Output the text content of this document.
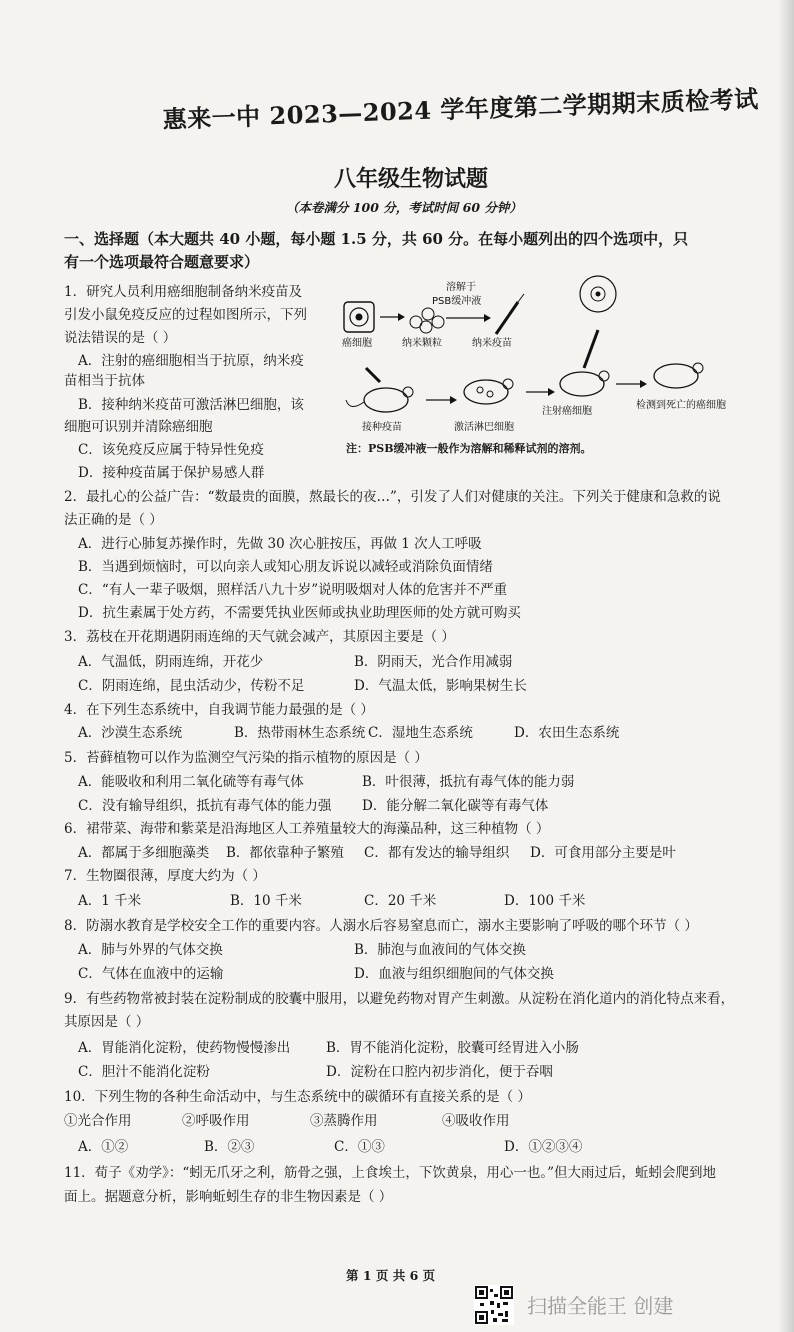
惠来一中 2023—2024 学年度第二学期期末质检考试
八年级生物试题
（本卷满分 100 分，考试时间 60 分钟）
一、选择题（本大题共 40 小题，每小题 1.5 分，共 60 分。在每小题列出的四个选项中，只
有一个选项最符合题意要求）
1．研究人员利用癌细胞制备纳米疫苗及
引发小鼠免疫反应的过程如图所示，下列
说法错误的是（ ）
A．注射的癌细胞相当于抗原，纳米疫
苗相当于抗体
B．接种纳米疫苗可激活淋巴细胞，该
细胞可识别并清除癌细胞
C．该免疫反应属于特异性免疫
D．接种疫苗属于保护易感人群
癌细胞	纳米颗粒
溶解于
PSB缓冲液
纳米疫苗
接种疫苗	激活淋巴细胞
注射癌细胞
检测到死亡的癌细胞
注：PSB缓冲液一般作为溶解和稀释试剂的溶剂。
2．最扎心的公益广告：“数最贵的面膜，熬最长的夜…”，引发了人们对健康的关注。下列关于健康和急救的说
法正确的是（ ）
A．进行心肺复苏操作时，先做 30 次心脏按压，再做 1 次人工呼吸
B．当遇到烦恼时，可以向亲人或知心朋友诉说以减轻或消除负面情绪
C．“有人一辈子吸烟，照样活八九十岁”说明吸烟对人体的危害并不严重
D．抗生素属于处方药，不需要凭执业医师或执业助理医师的处方就可购买
3．荔枝在开花期遇阴雨连绵的天气就会减产，其原因主要是（ ）
A．气温低，阴雨连绵，开花少	B．阴雨天，光合作用减弱
C．阴雨连绵，昆虫活动少，传粉不足	D．气温太低，影响果树生长
4．在下列生态系统中，自我调节能力最强的是（ ）
A．沙漠生态系统	B．热带雨林生态系统 C．湿地生态系统	D．农田生态系统
5．苔藓植物可以作为监测空气污染的指示植物的原因是（ ）
A．能吸收和利用二氧化硫等有毒气体	B．叶很薄，抵抗有毒气体的能力弱
C．没有输导组织，抵抗有毒气体的能力强 D．能分解二氧化碳等有毒气体
6．裙带菜、海带和紫菜是沿海地区人工养殖量较大的海藻品种，这三种植物（ ）
A．都属于多细胞藻类 B．都依靠种子繁殖 C．都有发达的输导组织 D．可食用部分主要是叶
7．生物圈很薄，厚度大约为（ ）
A．1 千米	B．10 千米	C．20 千米	D．100 千米
8．防溺水教育是学校安全工作的重要内容。人溺水后容易窒息而亡，溺水主要影响了呼吸的哪个环节（ ）
A．肺与外界的气体交换	B．肺泡与血液间的气体交换
C．气体在血液中的运输	D．血液与组织细胞间的气体交换
9．有些药物常被封装在淀粉制成的胶囊中服用，以避免药物对胃产生刺激。从淀粉在消化道内的消化特点来看，
其原因是（ ）
A．胃能消化淀粉，使药物慢慢渗出	B．胃不能消化淀粉，胶囊可经胃进入小肠
C．胆汁不能消化淀粉	D．淀粉在口腔内初步消化，便于吞咽
10．下列生物的各种生命活动中，与生态系统中的碳循环有直接关系的是（ ）
①光合作用	②呼吸作用	③蒸腾作用	④吸收作用
A．①②	B．②③	C．①③	D．①②③④
11．荀子《劝学》：“蚓无爪牙之利，筋骨之强，上食埃土，下饮黄泉，用心一也。”但大雨过后，蚯蚓会爬到地
面上。据题意分析，影响蚯蚓生存的非生物因素是（ ）
第 1 页 共 6 页
扫描全能王 创建
